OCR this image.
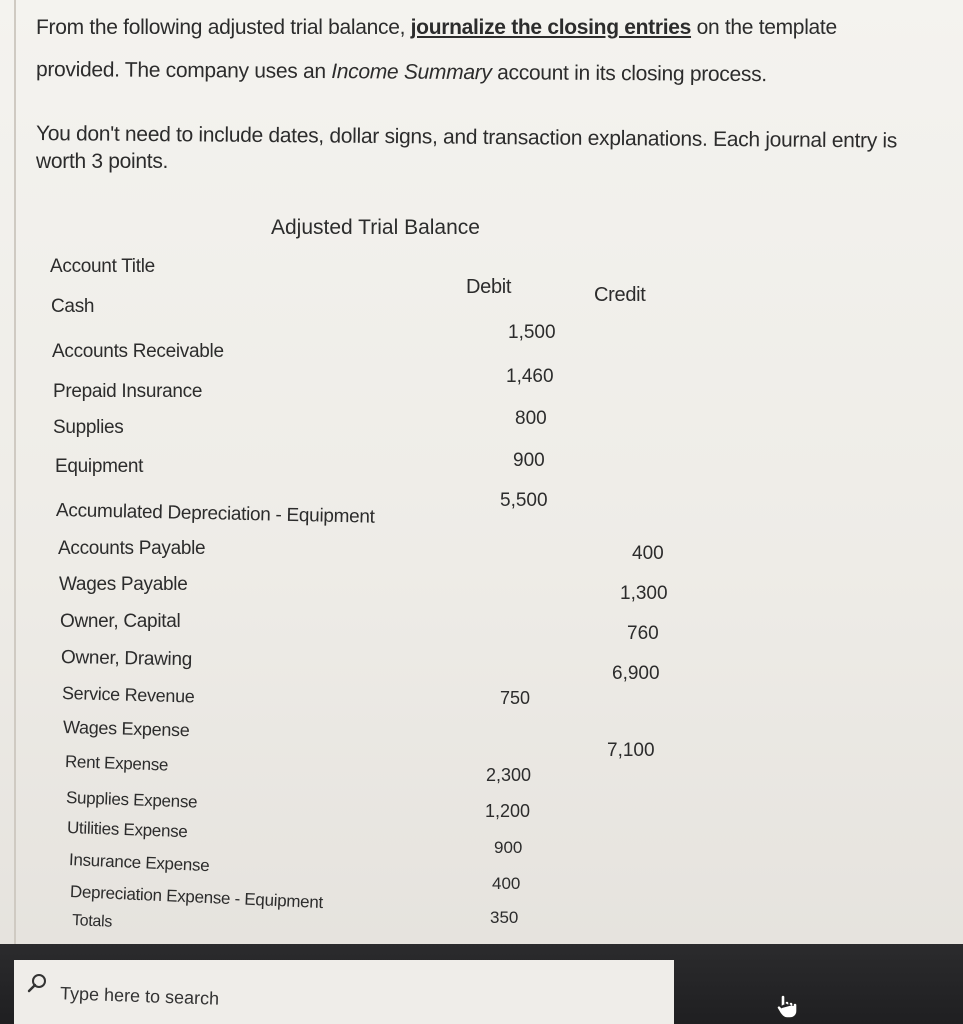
From the following adjusted trial balance, journalize the closing entries on the template
provided. The company uses an Income Summary account in its closing process.
You don't need to include dates, dollar signs, and transaction explanations. Each journal entry is
worth 3 points.
Adjusted Trial Balance
Account Title
Debit	Credit
Cash
Accounts Receivable
Prepaid Insurance
Supplies
Equipment
Accumulated Depreciation - Equipment
Accounts Payable
Wages Payable
Owner, Capital
Owner, Drawing
Service Revenue
Wages Expense
Rent Expense
Supplies Expense
Utilities Expense
Insurance Expense
Depreciation Expense - Equipment
Totals
1,500
1,460
800
900
5,500
750
2,300
1,200
900
400
350
400
1,300
760
6,900
7,100
Type here to search
